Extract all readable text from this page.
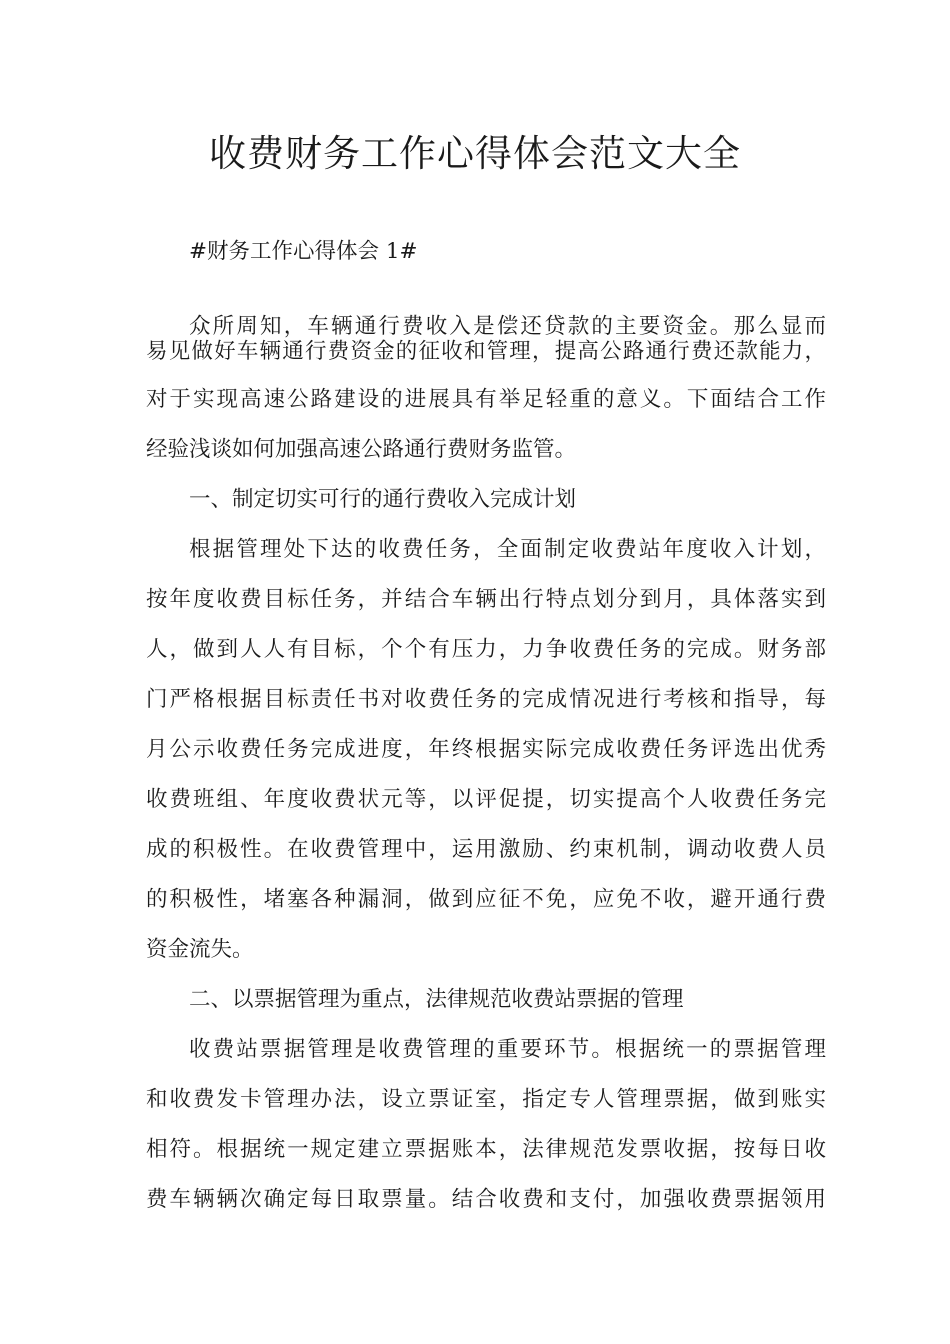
收费财务工作心得体会范文大全

#财务工作心得体会 1#

众所周知，车辆通行费收入是偿还贷款的主要资金。那么显而

易见做好车辆通行费资金的征收和管理，提高公路通行费还款能力，

对于实现高速公路建设的进展具有举足轻重的意义。下面结合工作

经验浅谈如何加强高速公路通行费财务监管。

一、制定切实可行的通行费收入完成计划

根据管理处下达的收费任务，全面制定收费站年度收入计划，

按年度收费目标任务，并结合车辆出行特点划分到月，具体落实到

人，做到人人有目标，个个有压力，力争收费任务的完成。财务部

门严格根据目标责任书对收费任务的完成情况进行考核和指导，每

月公示收费任务完成进度，年终根据实际完成收费任务评选出优秀

收费班组、年度收费状元等，以评促提，切实提高个人收费任务完

成的积极性。在收费管理中，运用激励、约束机制，调动收费人员

的积极性，堵塞各种漏洞，做到应征不免，应免不收，避开通行费

资金流失。

二、以票据管理为重点，法律规范收费站票据的管理

收费站票据管理是收费管理的重要环节。根据统一的票据管理

和收费发卡管理办法，设立票证室，指定专人管理票据，做到账实

相符。根据统一规定建立票据账本，法律规范发票收据，按每日收

费车辆辆次确定每日取票量。结合收费和支付，加强收费票据领用
